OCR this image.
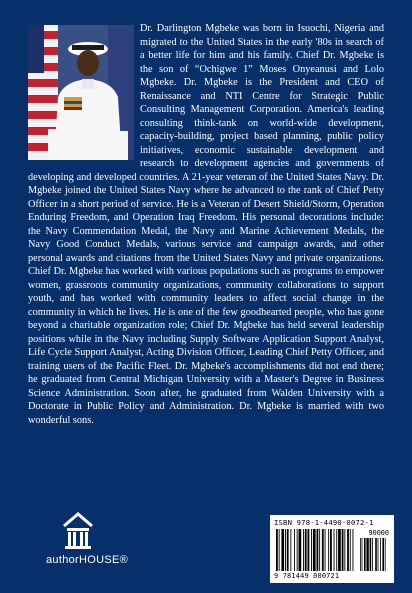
Dr. Darlington Mgbeke was born in Isuochi, Nigeria and migrated to the United States in the early '80s in search of a better life for him and his family. Chief Dr. Mgbeke is the son of “Ochigwe 1” Moses Onyeanusi and Lolo Mgbeke. Dr. Mgbeke is the President and CEO of Renaissance and NTI Centre for Strategic Public Consulting Management Corporation. America's leading consulting think-tank on world-wide development, capacity-building, project based planning, public policy initiatives, economic sustainable development and research to development agencies and governments of developing and developed countries. A 21-year veteran of the United States Navy. Dr. Mgbeke joined the United States Navy where he advanced to the rank of Chief Petty Officer in a short period of service. He is a Veteran of Desert Shield/Storm, Operation Enduring Freedom, and Operation Iraq Freedom. His personal decorations include: the Navy Commendation Medal, the Navy and Marine Achievement Medals, the Navy Good Conduct Medals, various service and campaign awards, and other personal awards and citations from the United States Navy and private organizations. Chief Dr. Mgbeke has worked with various populations such as programs to empower women, grassroots community organizations, community collaborations to support youth, and has worked with community leaders to affect social change in the community in which he lives. He is one of the few goodhearted people, who has gone beyond a charitable organization role; Chief Dr. Mgbeke has held several leadership positions while in the Navy including Supply Software Application Support Analyst, Life Cycle Support Analyst, Acting Division Officer, Leading Chief Petty Officer, and training users of the Pacific Fleet. Dr. Mgbeke's accomplishments did not end there; he graduated from Central Michigan University with a Master's Degree in Business Science Administration. Soon after, he graduated from Walden University with a Doctorate in Public Policy and Administration. Dr. Mgbeke is married with two wonderful sons.

authorHOUSE®
ISBN 978-1-4490-0072-1
90000
9 781449 000721
